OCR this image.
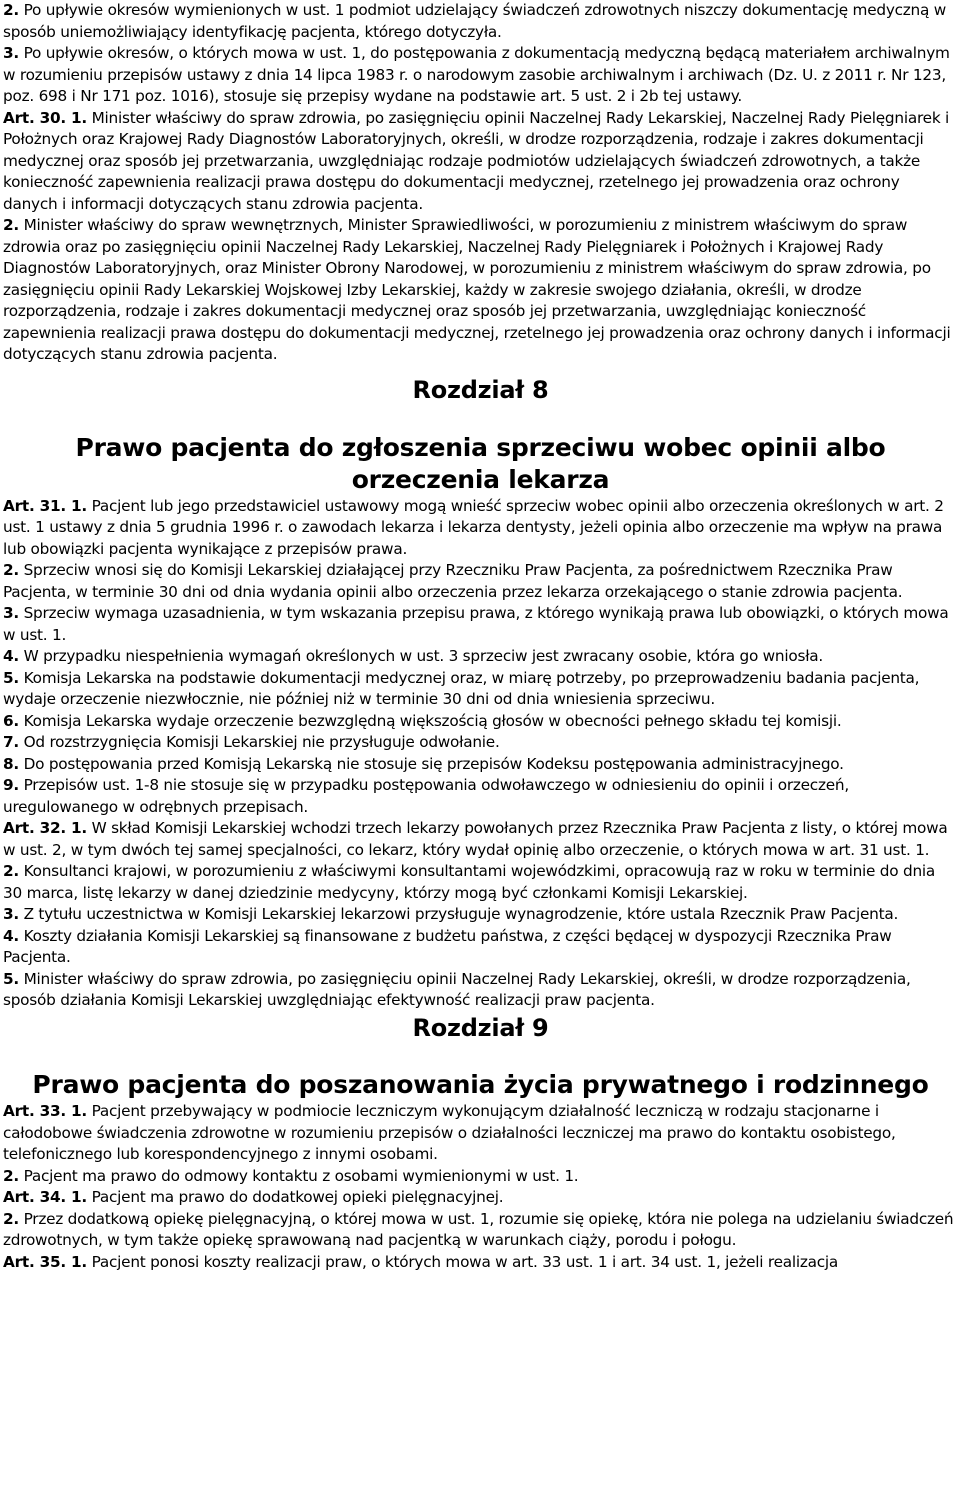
2. Po upływie okresów wymienionych w ust. 1 podmiot udzielający świadczeń zdrowotnych niszczy dokumentację medyczną w sposób uniemożliwiający identyfikację pacjenta, którego dotyczyła.

3. Po upływie okresów, o których mowa w ust. 1, do postępowania z dokumentacją medyczną będącą materiałem archiwalnym w rozumieniu przepisów ustawy z dnia 14 lipca 1983 r. o narodowym zasobie archiwalnym i archiwach (Dz. U. z 2011 r. Nr 123, poz. 698 i Nr 171 poz. 1016), stosuje się przepisy wydane na podstawie art. 5 ust. 2 i 2b tej ustawy.

Art. 30. 1. Minister właściwy do spraw zdrowia, po zasięgnięciu opinii Naczelnej Rady Lekarskiej, Naczelnej Rady Pielęgniarek i Położnych oraz Krajowej Rady Diagnostów Laboratoryjnych, określi, w drodze rozporządzenia, rodzaje i zakres dokumentacji medycznej oraz sposób jej przetwarzania, uwzględniając rodzaje podmiotów udzielających świadczeń zdrowotnych, a także konieczność zapewnienia realizacji prawa dostępu do dokumentacji medycznej, rzetelnego jej prowadzenia oraz ochrony danych i informacji dotyczących stanu zdrowia pacjenta.

2. Minister właściwy do spraw wewnętrznych, Minister Sprawiedliwości, w porozumieniu z ministrem właściwym do spraw zdrowia oraz po zasięgnięciu opinii Naczelnej Rady Lekarskiej, Naczelnej Rady Pielęgniarek i Położnych i Krajowej Rady Diagnostów Laboratoryjnych, oraz Minister Obrony Narodowej, w porozumieniu z ministrem właściwym do spraw zdrowia, po zasięgnięciu opinii Rady Lekarskiej Wojskowej Izby Lekarskiej, każdy w zakresie swojego działania, określi, w drodze rozporządzenia, rodzaje i zakres dokumentacji medycznej oraz sposób jej przetwarzania, uwzględniając konieczność zapewnienia realizacji prawa dostępu do dokumentacji medycznej, rzetelnego jej prowadzenia oraz ochrony danych i informacji dotyczących stanu zdrowia pacjenta.

Rozdział 8
Prawo pacjenta do zgłoszenia sprzeciwu wobec opinii albo orzeczenia lekarza

Art. 31. 1. Pacjent lub jego przedstawiciel ustawowy mogą wnieść sprzeciw wobec opinii albo orzeczenia określonych w art. 2 ust. 1 ustawy z dnia 5 grudnia 1996 r. o zawodach lekarza i lekarza dentysty, jeżeli opinia albo orzeczenie ma wpływ na prawa lub obowiązki pacjenta wynikające z przepisów prawa.

2. Sprzeciw wnosi się do Komisji Lekarskiej działającej przy Rzeczniku Praw Pacjenta, za pośrednictwem Rzecznika Praw Pacjenta, w terminie 30 dni od dnia wydania opinii albo orzeczenia przez lekarza orzekającego o stanie zdrowia pacjenta.

3. Sprzeciw wymaga uzasadnienia, w tym wskazania przepisu prawa, z którego wynikają prawa lub obowiązki, o których mowa w ust. 1.

4. W przypadku niespełnienia wymagań określonych w ust. 3 sprzeciw jest zwracany osobie, która go wniosła.

5. Komisja Lekarska na podstawie dokumentacji medycznej oraz, w miarę potrzeby, po przeprowadzeniu badania pacjenta, wydaje orzeczenie niezwłocznie, nie później niż w terminie 30 dni od dnia wniesienia sprzeciwu.

6. Komisja Lekarska wydaje orzeczenie bezwzględną większością głosów w obecności pełnego składu tej komisji.

7. Od rozstrzygnięcia Komisji Lekarskiej nie przysługuje odwołanie.

8. Do postępowania przed Komisją Lekarską nie stosuje się przepisów Kodeksu postępowania administracyjnego.

9. Przepisów ust. 1-8 nie stosuje się w przypadku postępowania odwoławczego w odniesieniu do opinii i orzeczeń, uregulowanego w odrębnych przepisach.

Art. 32. 1. W skład Komisji Lekarskiej wchodzi trzech lekarzy powołanych przez Rzecznika Praw Pacjenta z listy, o której mowa w ust. 2, w tym dwóch tej samej specjalności, co lekarz, który wydał opinię albo orzeczenie, o których mowa w art. 31 ust. 1.

2. Konsultanci krajowi, w porozumieniu z właściwymi konsultantami wojewódzkimi, opracowują raz w roku w terminie do dnia 30 marca, listę lekarzy w danej dziedzinie medycyny, którzy mogą być członkami Komisji Lekarskiej.

3. Z tytułu uczestnictwa w Komisji Lekarskiej lekarzowi przysługuje wynagrodzenie, które ustala Rzecznik Praw Pacjenta.

4. Koszty działania Komisji Lekarskiej są finansowane z budżetu państwa, z części będącej w dyspozycji Rzecznika Praw Pacjenta.

5. Minister właściwy do spraw zdrowia, po zasięgnięciu opinii Naczelnej Rady Lekarskiej, określi, w drodze rozporządzenia, sposób działania Komisji Lekarskiej uwzględniając efektywność realizacji praw pacjenta.

Rozdział 9
Prawo pacjenta do poszanowania życia prywatnego i rodzinnego

Art. 33. 1. Pacjent przebywający w podmiocie leczniczym wykonującym działalność leczniczą w rodzaju stacjonarne i całodobowe świadczenia zdrowotne w rozumieniu przepisów o działalności leczniczej ma prawo do kontaktu osobistego, telefonicznego lub korespondencyjnego z innymi osobami.

2. Pacjent ma prawo do odmowy kontaktu z osobami wymienionymi w ust. 1.

Art. 34. 1. Pacjent ma prawo do dodatkowej opieki pielęgnacyjnej.

2. Przez dodatkową opiekę pielęgnacyjną, o której mowa w ust. 1, rozumie się opiekę, która nie polega na udzielaniu świadczeń zdrowotnych, w tym także opiekę sprawowaną nad pacjentką w warunkach ciąży, porodu i połogu.

Art. 35. 1. Pacjent ponosi koszty realizacji praw, o których mowa w art. 33 ust. 1 i art. 34 ust. 1, jeżeli realizacja
